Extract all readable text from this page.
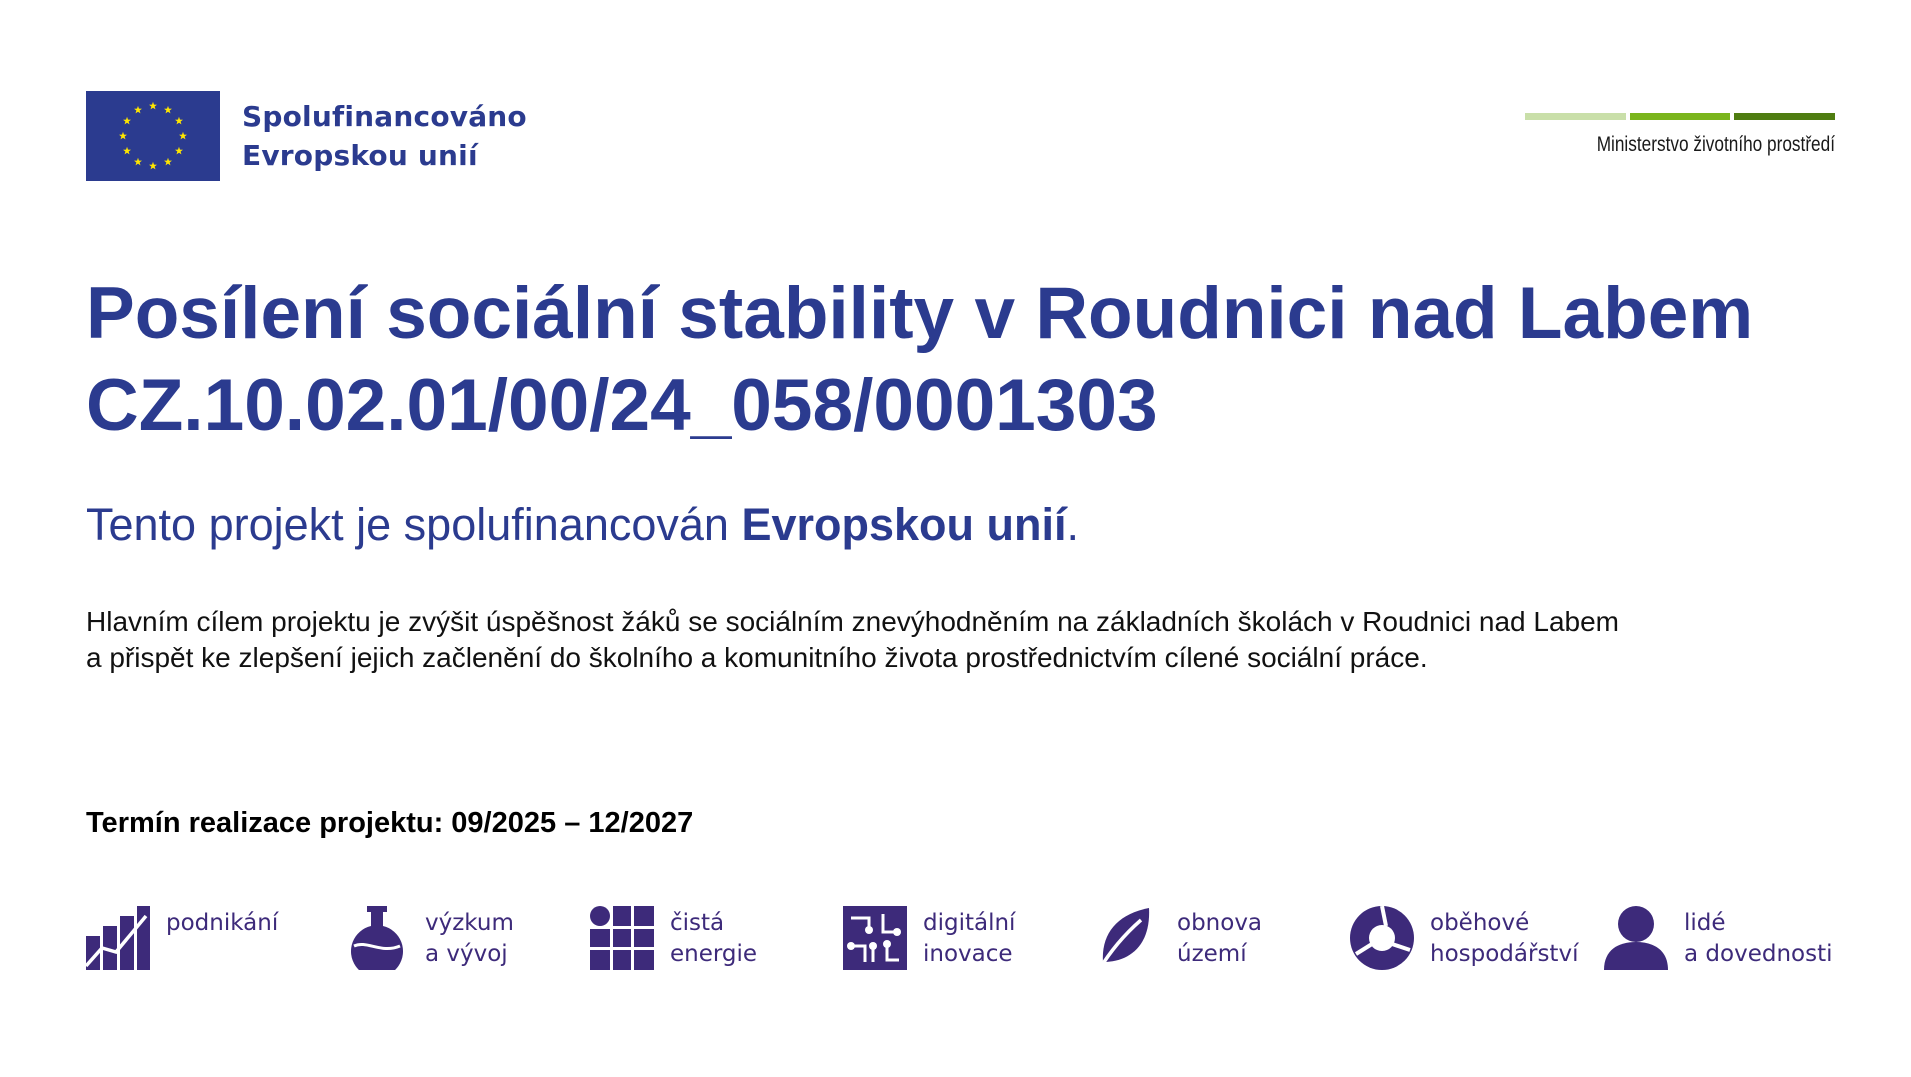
Spolufinancováno
Evropskou unií	Ministerstvo životního prostředí
Posílení sociální stability v Roudnici nad Labem
CZ.10.02.01/00/24_058/0001303

Tento projekt je spolufinancován Evropskou unií.

Hlavním cílem projektu je zvýšit úspěšnost žáků se sociálním znevýhodněním na základních školách v Roudnici nad Labem
a přispět ke zlepšení jejich začlenění do školního a komunitního života prostřednictvím cílené sociální práce.

Termín realizace projektu: 09/2025 – 12/2027

podnikání	výzkum
a vývoj
čistá
energie
digitální
inovace
obnova
území
oběhové
hospodářství
lidé
a dovednosti
